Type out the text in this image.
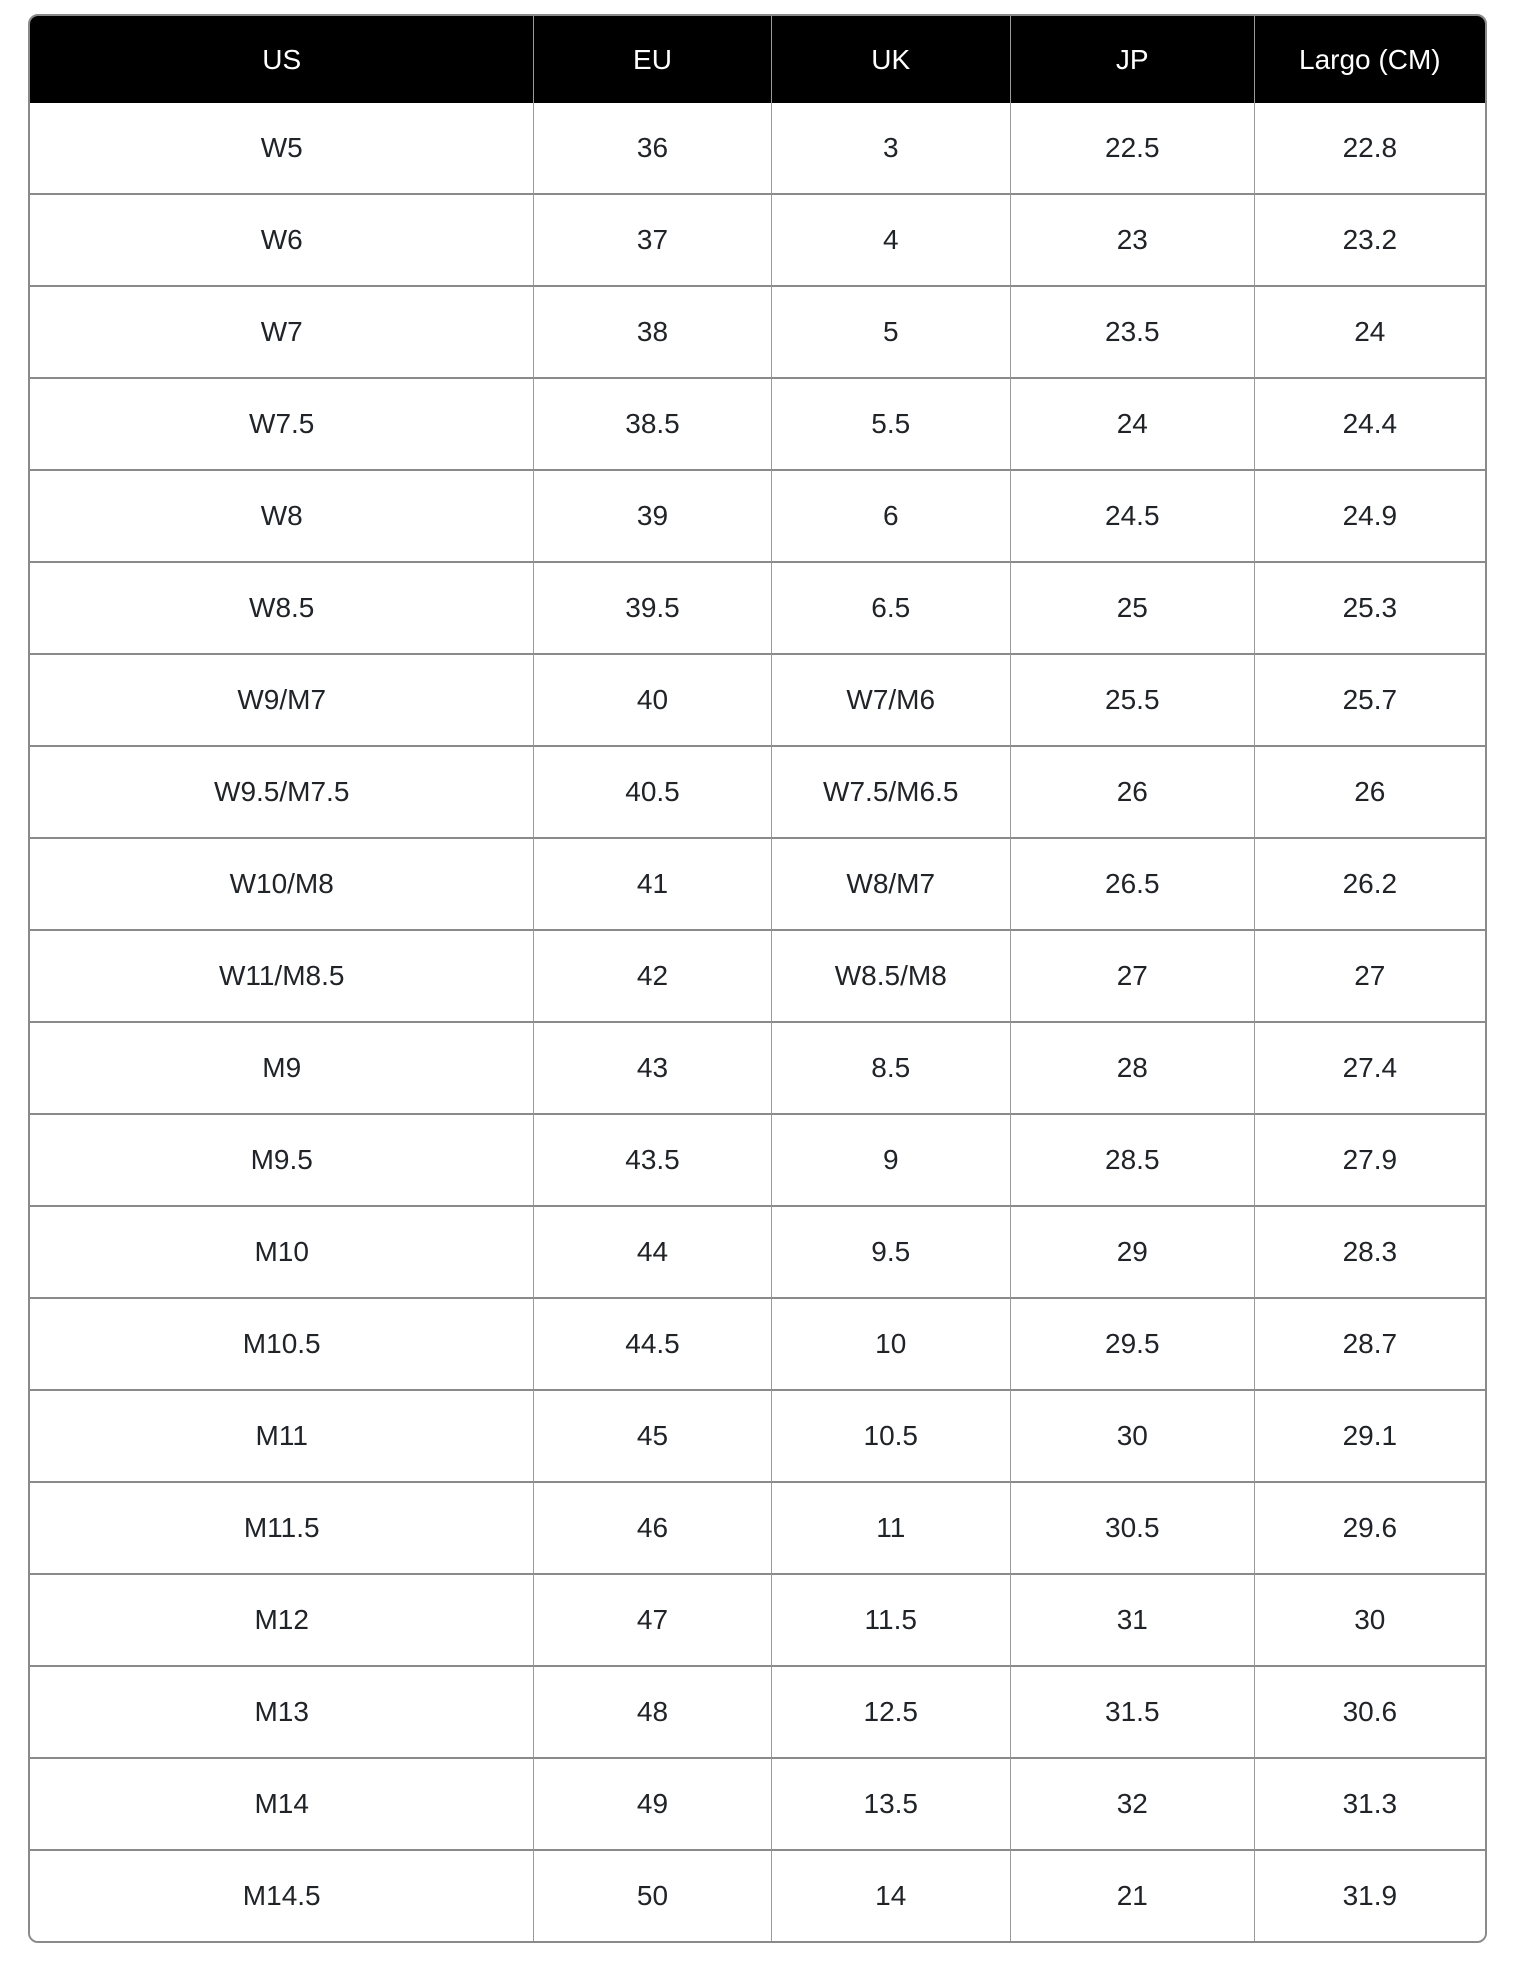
US	EU	UK	JP	Largo (CM)
W5	36	3	22.5	22.8
W6	37	4	23	23.2
W7	38	5	23.5	24
W7.5	38.5	5.5	24	24.4
W8	39	6	24.5	24.9
W8.5	39.5	6.5	25	25.3
W9/M7	40	W7/M6	25.5	25.7
W9.5/M7.5	40.5	W7.5/M6.5	26	26
W10/M8	41	W8/M7	26.5	26.2
W11/M8.5	42	W8.5/M8	27	27
M9	43	8.5	28	27.4
M9.5	43.5	9	28.5	27.9
M10	44	9.5	29	28.3
M10.5	44.5	10	29.5	28.7
M11	45	10.5	30	29.1
M11.5	46	11	30.5	29.6
M12	47	11.5	31	30
M13	48	12.5	31.5	30.6
M14	49	13.5	32	31.3
M14.5	50	14	21	31.9
